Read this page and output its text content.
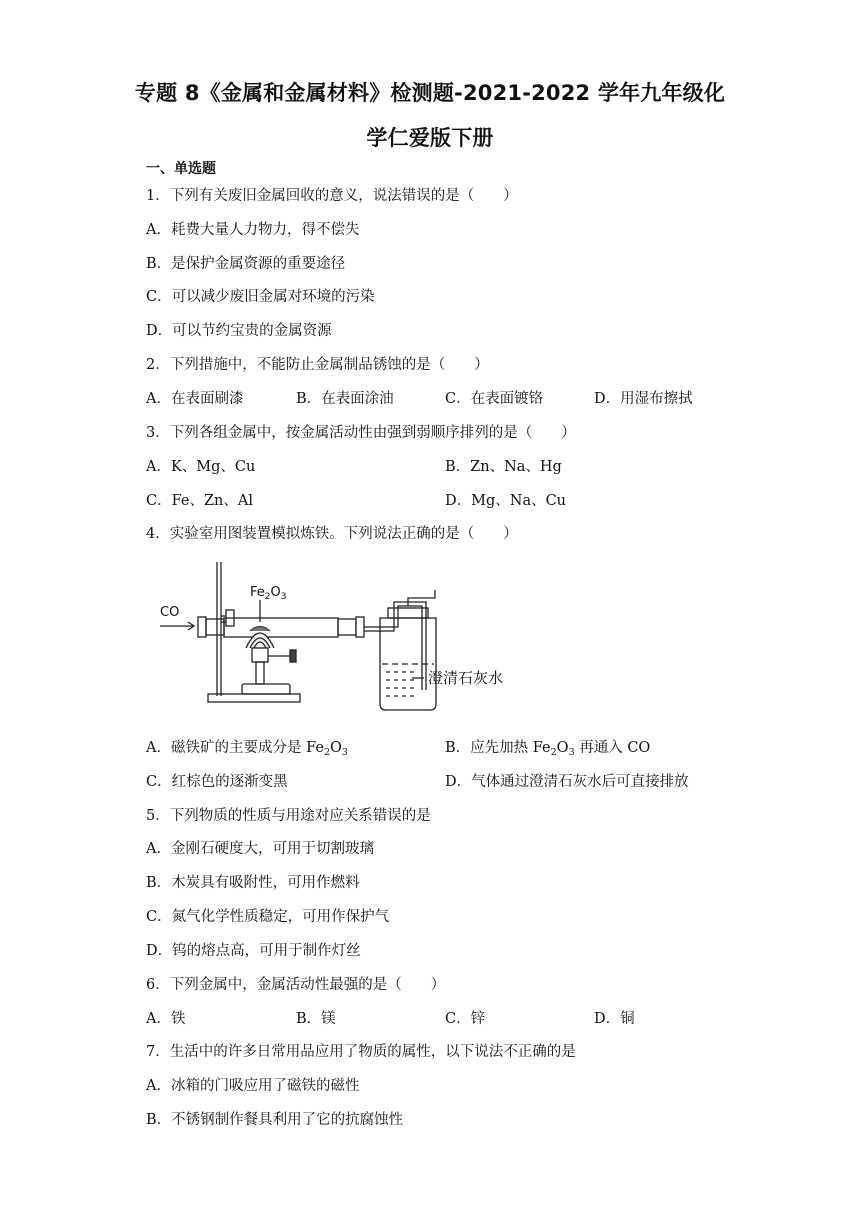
专题 8《金属和金属材料》检测题-2021-2022 学年九年级化
学仁爱版下册
一、单选题
1．下列有关废旧金属回收的意义，说法错误的是（　　）
A．耗费大量人力物力，得不偿失
B．是保护金属资源的重要途径
C．可以减少废旧金属对环境的污染
D．可以节约宝贵的金属资源
2．下列措施中，不能防止金属制品锈蚀的是（　　）
A．在表面刷漆	B．在表面涂油	C．在表面镀铬	D．用湿布擦拭
3．下列各组金属中，按金属活动性由强到弱顺序排列的是（　　）
A．K、Mg、Cu	B．Zn、Na、Hg
C．Fe、Zn、Al	D．Mg、Na、Cu
4．实验室用图装置模拟炼铁。下列说法正确的是（　　）
CO
$Fe_2O_3$
澄清石灰水
A．磁铁矿的主要成分是 $Fe_2O_3$	B．应先加热 $Fe_2O_3$ 再通入 CO
C．红棕色的逐渐变黑	D．气体通过澄清石灰水后可直接排放
5．下列物质的性质与用途对应关系错误的是
A．金刚石硬度大，可用于切割玻璃
B．木炭具有吸附性，可用作燃料
C．氮气化学性质稳定，可用作保护气
D．钨的熔点高，可用于制作灯丝
6．下列金属中，金属活动性最强的是（　　）
A．铁	B．镁	C．锌	D．铜
7．生活中的许多日常用品应用了物质的属性，以下说法不正确的是
A．冰箱的门吸应用了磁铁的磁性
B．不锈钢制作餐具利用了它的抗腐蚀性
